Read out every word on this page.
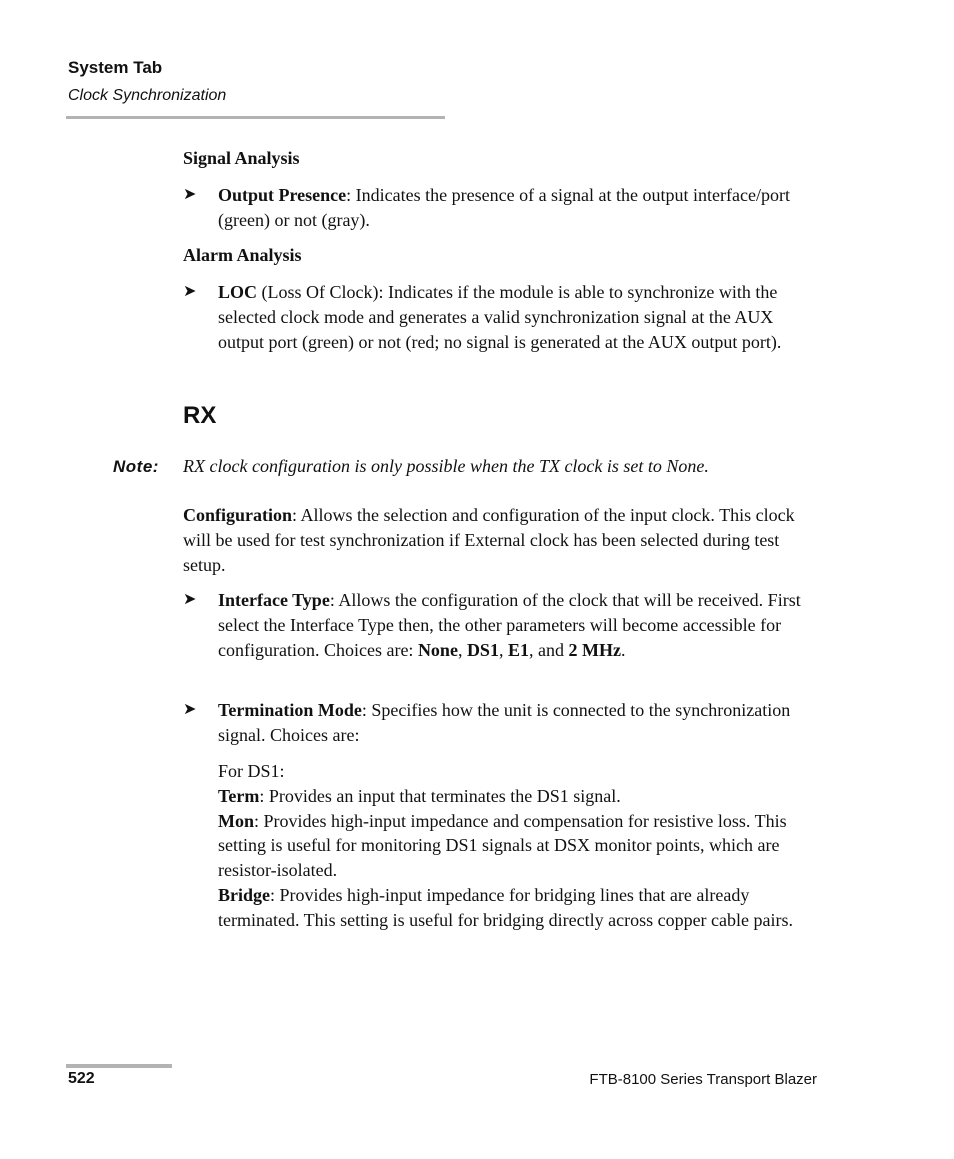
System Tab
Clock Synchronization
Signal Analysis
➤ Output Presence: Indicates the presence of a signal at the output interface/port (green) or not (gray).
Alarm Analysis
➤ LOC (Loss Of Clock): Indicates if the module is able to synchronize with the selected clock mode and generates a valid synchronization signal at the AUX output port (green) or not (red; no signal is generated at the AUX output port).
RX
Note: RX clock configuration is only possible when the TX clock is set to None.
Configuration: Allows the selection and configuration of the input clock. This clock will be used for test synchronization if External clock has been selected during test setup.
➤ Interface Type: Allows the configuration of the clock that will be received. First select the Interface Type then, the other parameters will become accessible for configuration. Choices are: None, DS1, E1, and 2 MHz.
➤ Termination Mode: Specifies how the unit is connected to the synchronization signal. Choices are:
For DS1:
Term: Provides an input that terminates the DS1 signal.
Mon: Provides high-input impedance and compensation for resistive loss. This setting is useful for monitoring DS1 signals at DSX monitor points, which are resistor-isolated.
Bridge: Provides high-input impedance for bridging lines that are already terminated. This setting is useful for bridging directly across copper cable pairs.
522	FTB-8100 Series Transport Blazer
